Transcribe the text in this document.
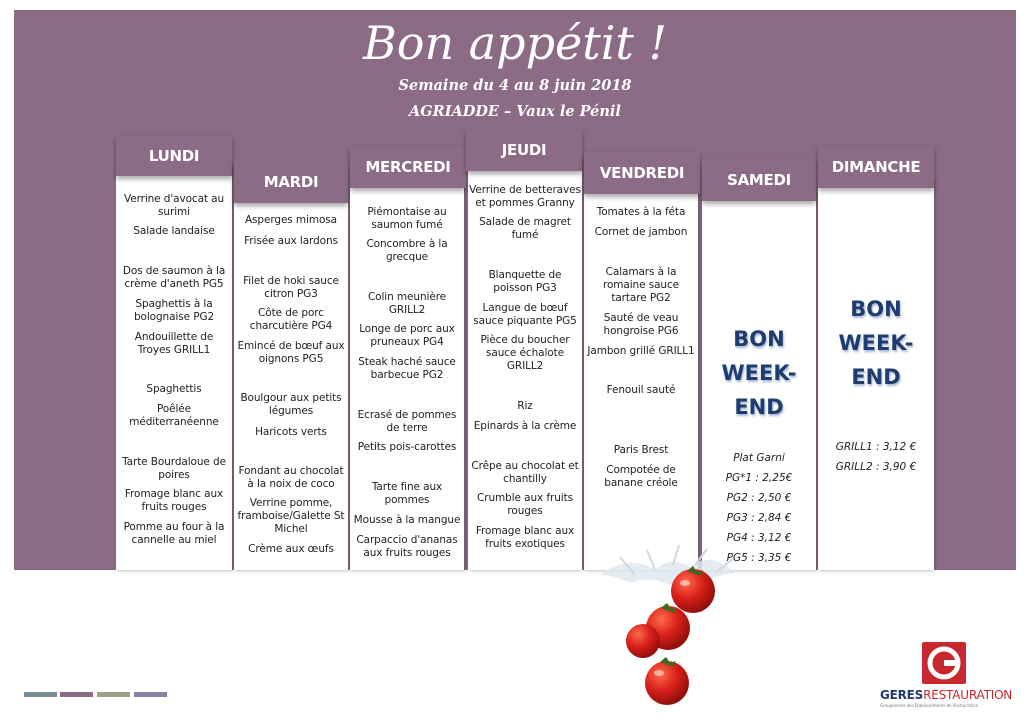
Bon appétit !
Semaine du 4 au 8 juin 2018
AGRIADDE – Vaux le Pénil
LUNDI
Verrine d'avocat au surimi
Salade landaise
Dos de saumon à la crème d'aneth PG5
Spaghettis à la bolognaise PG2
Andouillette de Troyes GRILL1
Spaghettis
Poêlée méditerranéenne
Tarte Bourdaloue de poires
Fromage blanc aux fruits rouges
Pomme au four à la cannelle au miel
MARDI
Asperges mimosa
Frisée aux lardons
Filet de hoki sauce citron PG3
Côte de porc charcutière PG4
Emincé de bœuf aux oignons PG5
Boulgour aux petits légumes
Haricots verts
Fondant au chocolat à la noix de coco
Verrine pomme, framboise/Galette St Michel
Crème aux œufs
MERCREDI
Piémontaise au saumon fumé
Concombre à la grecque
Colin meunière GRILL2
Longe de porc aux pruneaux PG4
Steak haché sauce barbecue PG2
Ecrasé de pommes de terre
Petits pois-carottes
Tarte fine aux pommes
Mousse à la mangue
Carpaccio d'ananas aux fruits rouges
JEUDI
Verrine de betteraves et pommes Granny
Salade de magret fumé
Blanquette de poisson PG3
Langue de bœuf sauce piquante PG5
Pièce du boucher sauce échalote GRILL2
Riz
Epinards à la crème
Crêpe au chocolat et chantilly
Crumble aux fruits rouges
Fromage blanc aux fruits exotiques
VENDREDI
Tomates à la féta
Cornet de jambon
Calamars à la romaine sauce tartare PG2
Sauté de veau hongroise PG6
Jambon grillé GRILL1
Fenouil sauté
Paris Brest
Compotée de banane créole
SAMEDI
BON
WEEK-
END
Plat Garni
PG*1 : 2,25€
PG2 : 2,50 €
PG3 : 2,84 €
PG4 : 3,12 €
PG5 : 3,35 €
DIMANCHE
BON
WEEK-
END
GRILL1 : 3,12 €
GRILL2 : 3,90 €
GERESRESTAURATION
Groupement des Établissements de Restauration
